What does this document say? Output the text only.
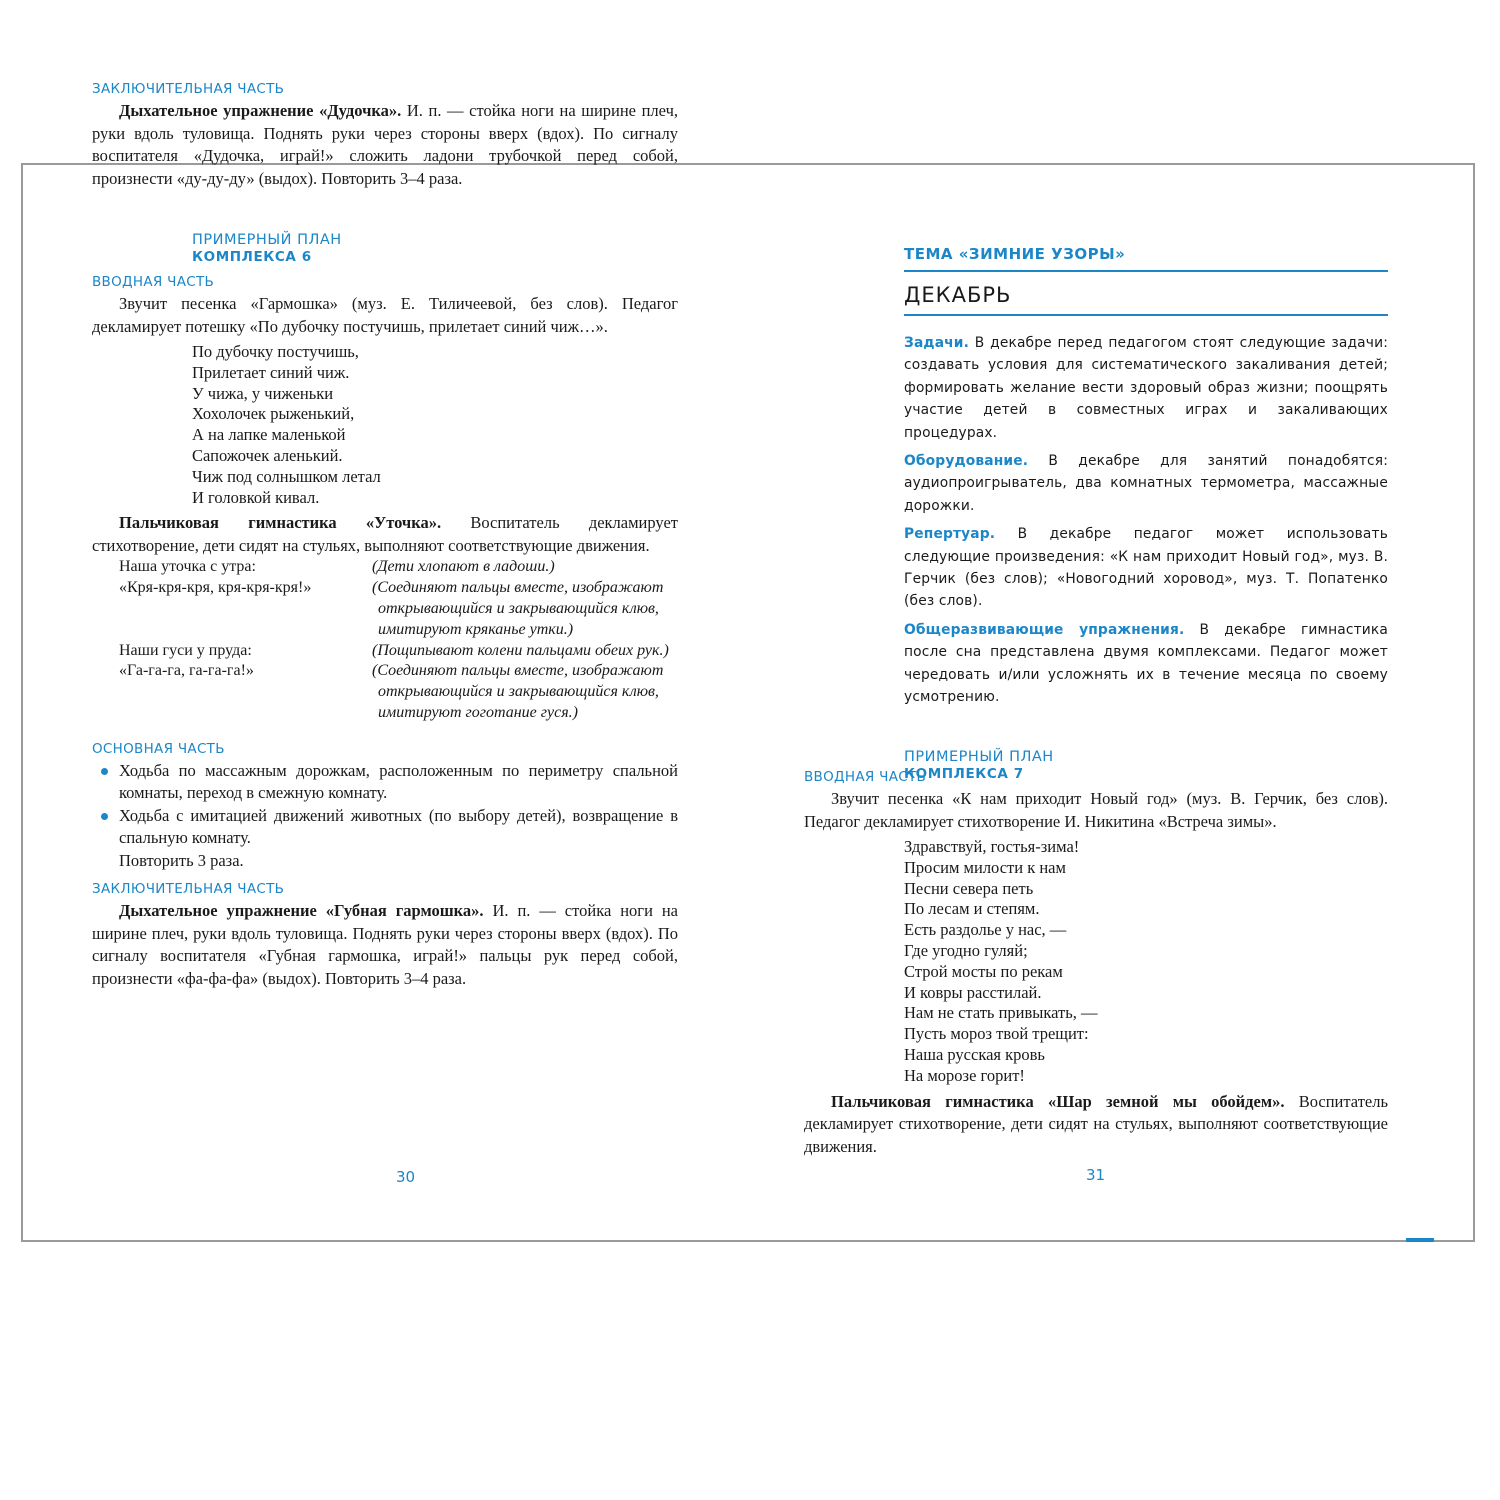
ЗАКЛЮЧИТЕЛЬНАЯ ЧАСТЬ

Дыхательное упражнение «Дудочка». И. п. — стойка ноги на ширине плеч, руки вдоль туловища. Поднять руки через стороны вверх (вдох). По сигналу воспитателя «Дудочка, играй!» сложить ладони трубочкой перед собой, произнести «ду-ду-ду» (выдох). Повторить 3–4 раза.

ПРИМЕРНЫЙ ПЛАН
КОМПЛЕКСА 6

ВВОДНАЯ ЧАСТЬ

Звучит песенка «Гармошка» (муз. Е. Тиличеевой, без слов). Педагог декламирует потешку «По дубочку постучишь, прилетает синий чиж…».

По дубочку постучишь,
Прилетает синий чиж.
У чижа, у чиженьки
Хохолочек рыженький,
А на лапке маленькой
Сапожочек аленький.
Чиж под солнышком летал
И головкой кивал.

Пальчиковая гимнастика «Уточка». Воспитатель декламирует стихотворение, дети сидят на стульях, выполняют соответствующие движения.

Наша уточка с утра:	(Дети хлопают в ладоши.)
«Кря-кря-кря, кря-кря-кря!»	(Соединяют пальцы вместе, изображают
открывающийся и закрывающийся клюв,
имитируют кряканье утки.)
Наши гуси у пруда:	(Пощипывают колени пальцами обеих рук.)
«Га-га-га, га-га-га!»	(Соединяют пальцы вместе, изображают
открывающийся и закрывающийся клюв,
имитируют гоготание гуся.)

ОСНОВНАЯ ЧАСТЬ

Ходьба по массажным дорожкам, расположенным по периметру спальной комнаты, переход в смежную комнату.
Ходьба с имитацией движений животных (по выбору детей), возвращение в спальную комнату.

Повторить 3 раза.

ЗАКЛЮЧИТЕЛЬНАЯ ЧАСТЬ

Дыхательное упражнение «Губная гармошка». И. п. — стойка ноги на ширине плеч, руки вдоль туловища. Поднять руки через стороны вверх (вдох). По сигналу воспитателя «Губная гармошка, играй!» пальцы рук перед собой, произнести «фа-фа-фа» (выдох). Повторить 3–4 раза.

30
ТЕМА «ЗИМНИЕ УЗОРЫ»
ДЕКАБРЬ

Задачи. В декабре перед педагогом стоят следующие задачи: создавать условия для систематического закаливания детей; формировать желание вести здоровый образ жизни; поощрять участие детей в совместных играх и закаливающих процедурах.

Оборудование. В декабре для занятий понадобятся: аудиопроигрыватель, два комнатных термометра, массажные дорожки.

Репертуар. В декабре педагог может использовать следующие произведения: «К нам приходит Новый год», муз. В. Герчик (без слов); «Новогодний хоровод», муз. Т. Попатенко (без слов).

Общеразвивающие упражнения. В декабре гимнастика после сна представлена двумя комплексами. Педагог может чередовать и/или усложнять их в течение месяца по своему усмотрению.

ПРИМЕРНЫЙ ПЛАН
КОМПЛЕКСА 7

ВВОДНАЯ ЧАСТЬ

Звучит песенка «К нам приходит Новый год» (муз. В. Герчик, без слов). Педагог декламирует стихотворение И. Никитина «Встреча зимы».

Здравствуй, гостья-зима!
Просим милости к нам
Песни севера петь
По лесам и степям.
Есть раздолье у нас, —
Где угодно гуляй;
Строй мосты по рекам
И ковры расстилай.
Нам не стать привыкать, —
Пусть мороз твой трещит:
Наша русская кровь
На морозе горит!

Пальчиковая гимнастика «Шар земной мы обойдем». Воспитатель декламирует стихотворение, дети сидят на стульях, выполняют соответствующие движения.

31
